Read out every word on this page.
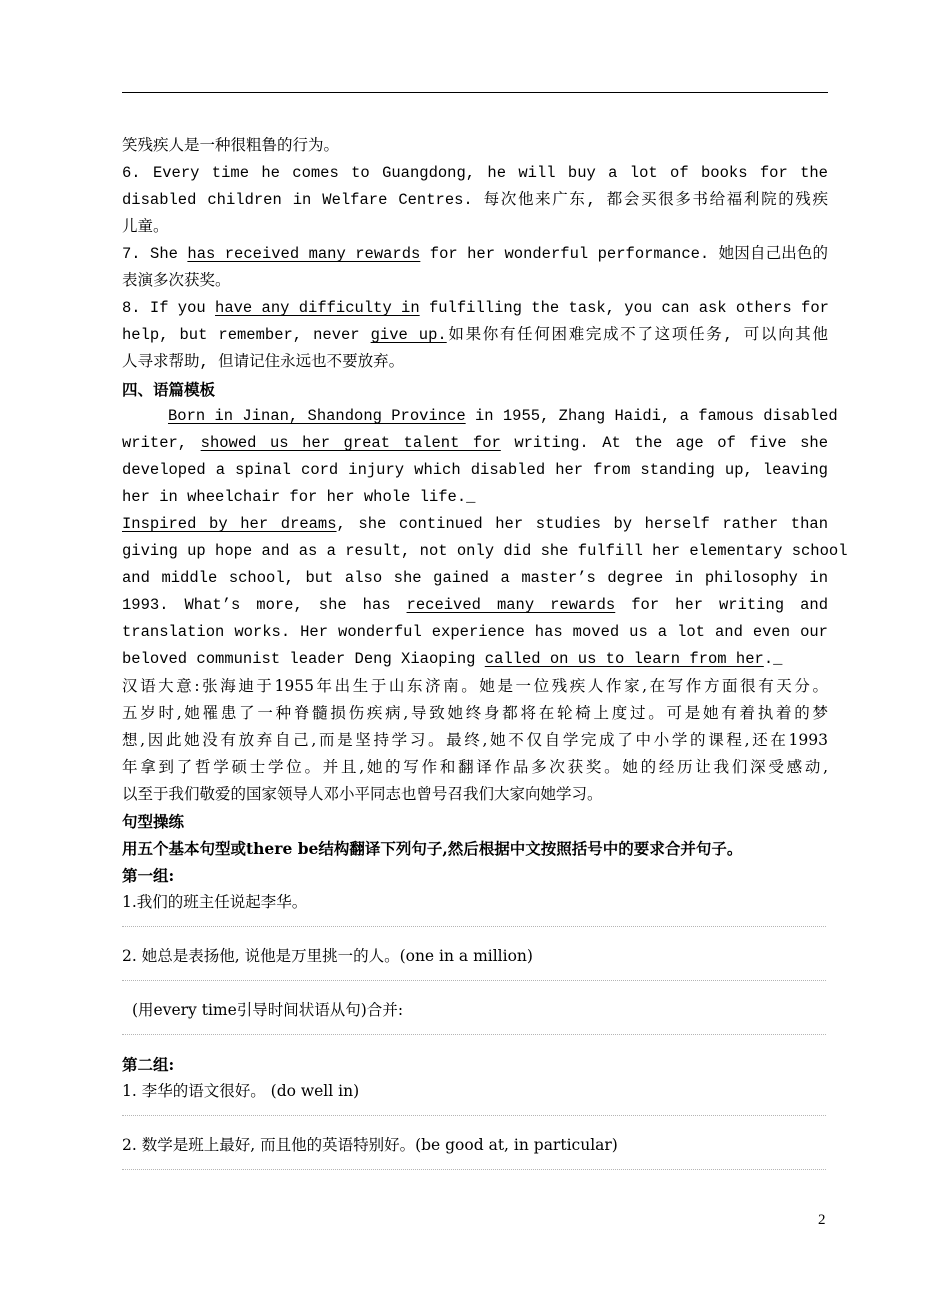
笑残疾人是一种很粗鲁的行为。
6. Every time he comes to Guangdong, he will buy a lot of books for the
disabled children in Welfare Centres. 每次他来广东, 都会买很多书给福利院的残疾
儿童。
7. She has received many rewards for her wonderful performance. 她因自己出色的
表演多次获奖。
8. If you have any difficulty in fulfilling the task, you can ask others for
help, but remember, never give up.如果你有任何困难完成不了这项任务, 可以向其他
人寻求帮助, 但请记住永远也不要放弃。
四、语篇模板
Born in Jinan, Shandong Province in 1955, Zhang Haidi, a famous disabled
writer, showed us her great talent for writing. At the age of five she
developed a spinal cord injury which disabled her from standing up, leaving
her in wheelchair for her whole life._
Inspired by her dreams, she continued her studies by herself rather than
giving up hope and as a result, not only did she fulfill her elementary school
and middle school, but also she gained a master’s degree in philosophy in
1993. What’s more, she has received many rewards for her writing and
translation works. Her wonderful experience has moved us a lot and even our
beloved communist leader Deng Xiaoping called on us to learn from her._
汉语大意:张海迪于1955年出生于山东济南。她是一位残疾人作家,在写作方面很有天分。
五岁时,她罹患了一种脊髓损伤疾病,导致她终身都将在轮椅上度过。可是她有着执着的梦
想,因此她没有放弃自己,而是坚持学习。最终,她不仅自学完成了中小学的课程,还在1993
年拿到了哲学硕士学位。并且,她的写作和翻译作品多次获奖。她的经历让我们深受感动,
以至于我们敬爱的国家领导人邓小平同志也曾号召我们大家向她学习。
句型操练
用五个基本句型或there be结构翻译下列句子,然后根据中文按照括号中的要求合并句子。
第一组:
1.我们的班主任说起李华。
2. 她总是表扬他, 说他是万里挑一的人。(one in a million)
(用every time引导时间状语从句)合并:
第二组:
1. 李华的语文很好。 (do well in)
2. 数学是班上最好, 而且他的英语特别好。(be good at, in particular)
2
